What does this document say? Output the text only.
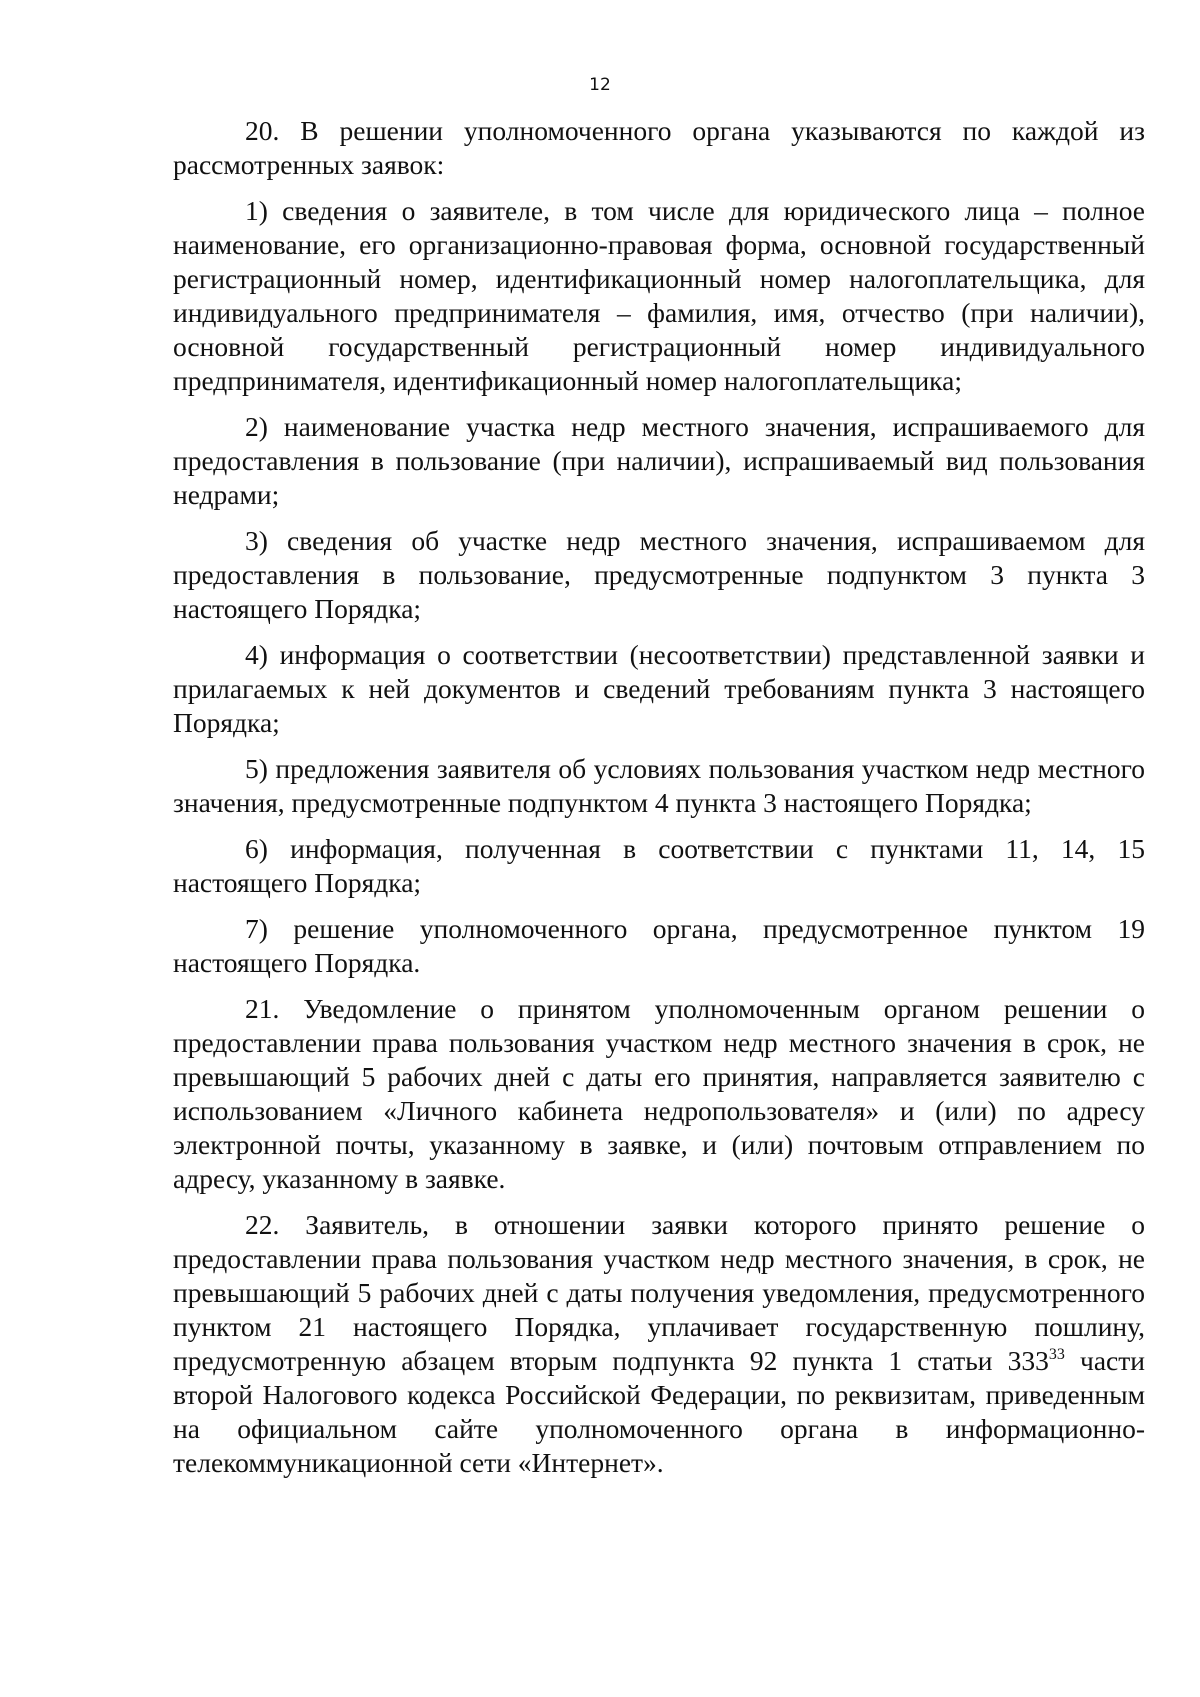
12

20. В решении уполномоченного органа указываются по каждой из рассмотренных заявок:

1) сведения о заявителе, в том числе для юридического лица – полное наименование, его организационно-правовая форма, основной государственный регистрационный номер, идентификационный номер налогоплательщика, для индивидуального предпринимателя – фамилия, имя, отчество (при наличии), основной государственный регистрационный номер индивидуального предпринимателя, идентификационный номер налогоплательщика;

2) наименование участка недр местного значения, испрашиваемого для предоставления в пользование (при наличии), испрашиваемый вид пользования недрами;

3) сведения об участке недр местного значения, испрашиваемом для предоставления в пользование, предусмотренные подпунктом 3 пункта 3 настоящего Порядка;

4) информация о соответствии (несоответствии) представленной заявки и прилагаемых к ней документов и сведений требованиям пункта 3 настоящего Порядка;

5) предложения заявителя об условиях пользования участком недр местного значения, предусмотренные подпунктом 4 пункта 3 настоящего Порядка;

6) информация, полученная в соответствии с пунктами 11, 14, 15 настоящего Порядка;

7) решение уполномоченного органа, предусмотренное пунктом 19 настоящего Порядка.

21. Уведомление о принятом уполномоченным органом решении о предоставлении права пользования участком недр местного значения в срок, не превышающий 5 рабочих дней с даты его принятия, направляется заявителю с использованием «Личного кабинета недропользователя» и (или) по адресу электронной почты, указанному в заявке, и (или) почтовым отправлением по адресу, указанному в заявке.

22. Заявитель, в отношении заявки которого принято решение о предоставлении права пользования участком недр местного значения, в срок, не превышающий 5 рабочих дней с даты получения уведомления, предусмотренного пунктом 21 настоящего Порядка, уплачивает государственную пошлину, предусмотренную абзацем вторым подпункта 92 пункта 1 статьи $333^{33}$ части второй Налогового кодекса Российской Федерации, по реквизитам, приведенным на официальном сайте уполномоченного органа в информационно-телекоммуникационной сети «Интернет».
